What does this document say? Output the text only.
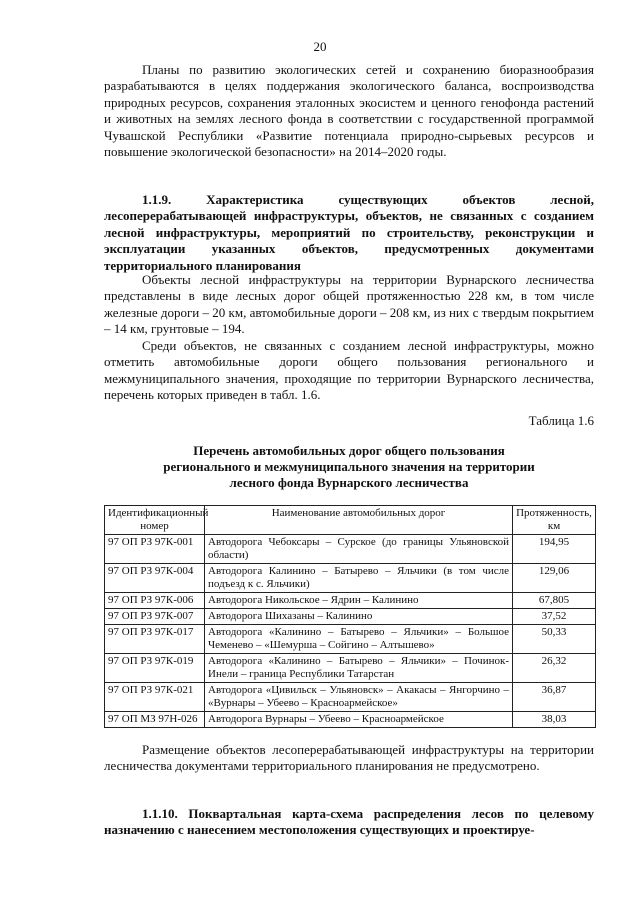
20

Планы по развитию экологических сетей и сохранению биоразнообразия разрабатываются в целях поддержания экологического баланса, воспроизводства природных ресурсов, сохранения эталонных экосистем и ценного генофонда растений и животных на землях лесного фонда в соответствии с государственной программой Чувашской Республики «Развитие потенциала природно-сырьевых ресурсов и повышение экологической безопасности» на 2014–2020 годы.

1.1.9. Характеристика существующих объектов лесной, лесоперерабатывающей инфраструктуры, объектов, не связанных с созданием лесной инфраструктуры, мероприятий по строительству, реконструкции и эксплуатации указанных объектов, предусмотренных документами территориального планирования

Объекты лесной инфраструктуры на территории Вурнарского лесничества представлены в виде лесных дорог общей протяженностью 228 км, в том числе железные дороги – 20 км, автомобильные дороги – 208 км, из них с твердым покрытием – 14 км, грунтовые – 194.

Среди объектов, не связанных с созданием лесной инфраструктуры, можно отметить автомобильные дороги общего пользования регионального и межмуниципального значения, проходящие по территории Вурнарского лесничества, перечень которых приведен в табл. 1.6.

Таблица 1.6
Перечень автомобильных дорог общего пользования
регионального и межмуниципального значения на территории
лесного фонда Вурнарского лесничества
Идентификационный номер	Наименование автомобильных дорог	Протяженность, км
97 ОП РЗ 97К-001	Автодорога Чебоксары – Сурское (до границы Ульяновской области)	194,95
97 ОП РЗ 97К-004	Автодорога Калинино – Батырево – Яльчики (в том числе подъезд к с. Яльчики)	129,06
97 ОП РЗ 97К-006	Автодорога Никольское – Ядрин – Калинино	67,805
97 ОП РЗ 97К-007	Автодорога Шихазаны – Калинино	37,52
97 ОП РЗ 97К-017	Автодорога «Калинино – Батырево – Яльчики» – Большое Чеменево – «Шемурша – Сойгино – Алтышево»	50,33
97 ОП РЗ 97К-019	Автодорога «Калинино – Батырево – Яльчики» – Починок-Инели – граница Республики Татарстан	26,32
97 ОП РЗ 97К-021	Автодорога «Цивильск – Ульяновск» – Акакасы – Янгорчино – «Вурнары – Убеево – Красноармейское»	36,87
97 ОП МЗ 97Н-026	Автодорога Вурнары – Убеево – Красноармейское	38,03

Размещение объектов лесоперерабатывающей инфраструктуры на территории лесничества документами территориального планирования не предусмотрено.

1.1.10. Поквартальная карта-схема распределения лесов по целевому назначению с нанесением местоположения существующих и проектируе-
